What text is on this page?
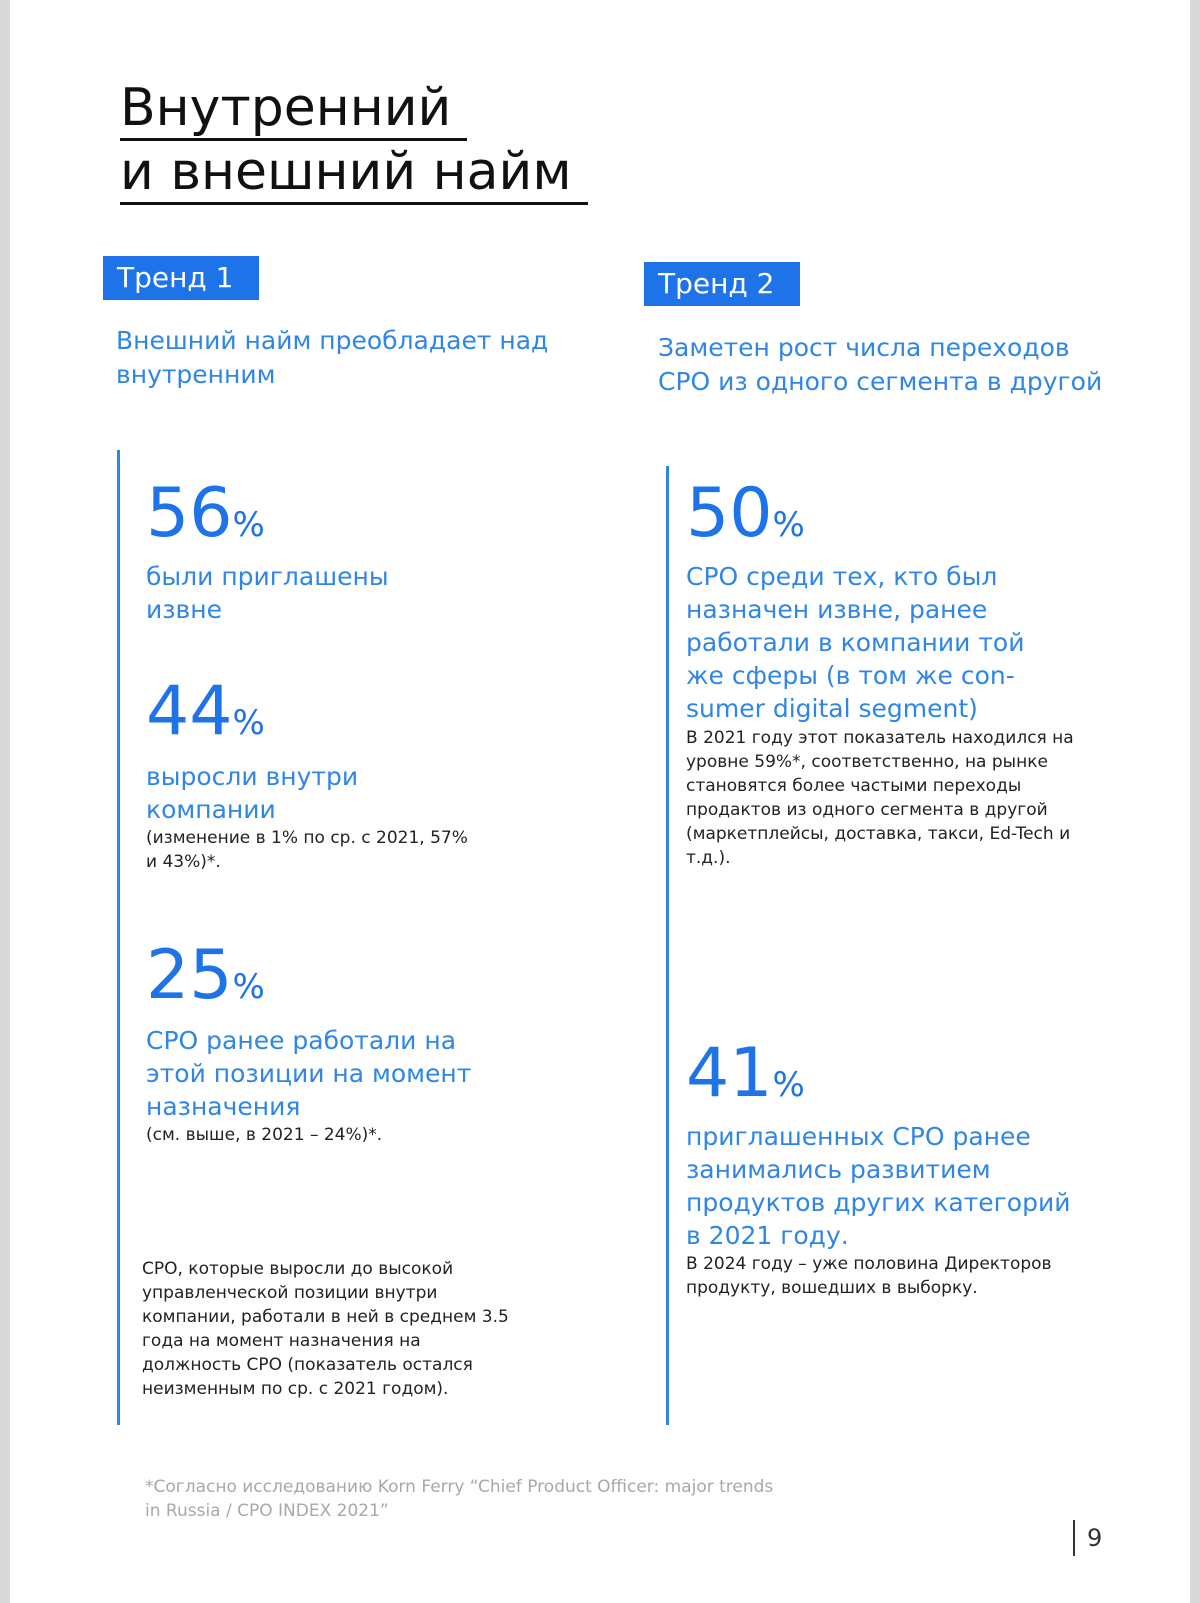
Внутренний
и внешний найм
Тренд 1
Внешний найм преобладает над внутренним
56%
были приглашены извне
44%
выросли внутри компании
(изменение в 1% по ср. с 2021, 57% и 43%)*.
25%
CPO ранее работали на этой позиции на момент назначения
(см. выше, в 2021 – 24%)*.
CPO, которые выросли до высокой управленческой позиции внутри компании, работали в ней в среднем 3.5 года на момент назначения на должность CPO (показатель остался неизменным по ср. с 2021 годом).
Тренд 2
Заметен рост числа переходов CPO из одного сегмента в другой
50%
CPO среди тех, кто был назначен извне, ранее работали в компании той же сферы (в том же con-sumer digital segment)
В 2021 году этот показатель находился на уровне 59%*, соответственно, на рынке становятся более частыми переходы продактов из одного сегмента в другой (маркетплейсы, доставка, такси, Ed-Tech и т.д.).
41%
приглашенных CPO ранее занимались развитием продуктов других категорий в 2021 году.
В 2024 году – уже половина Директоров продукту, вошедших в выборку.
*Согласно исследованию Korn Ferry “Chief Product Officer: major trends in Russia / CPO INDEX 2021”
9
